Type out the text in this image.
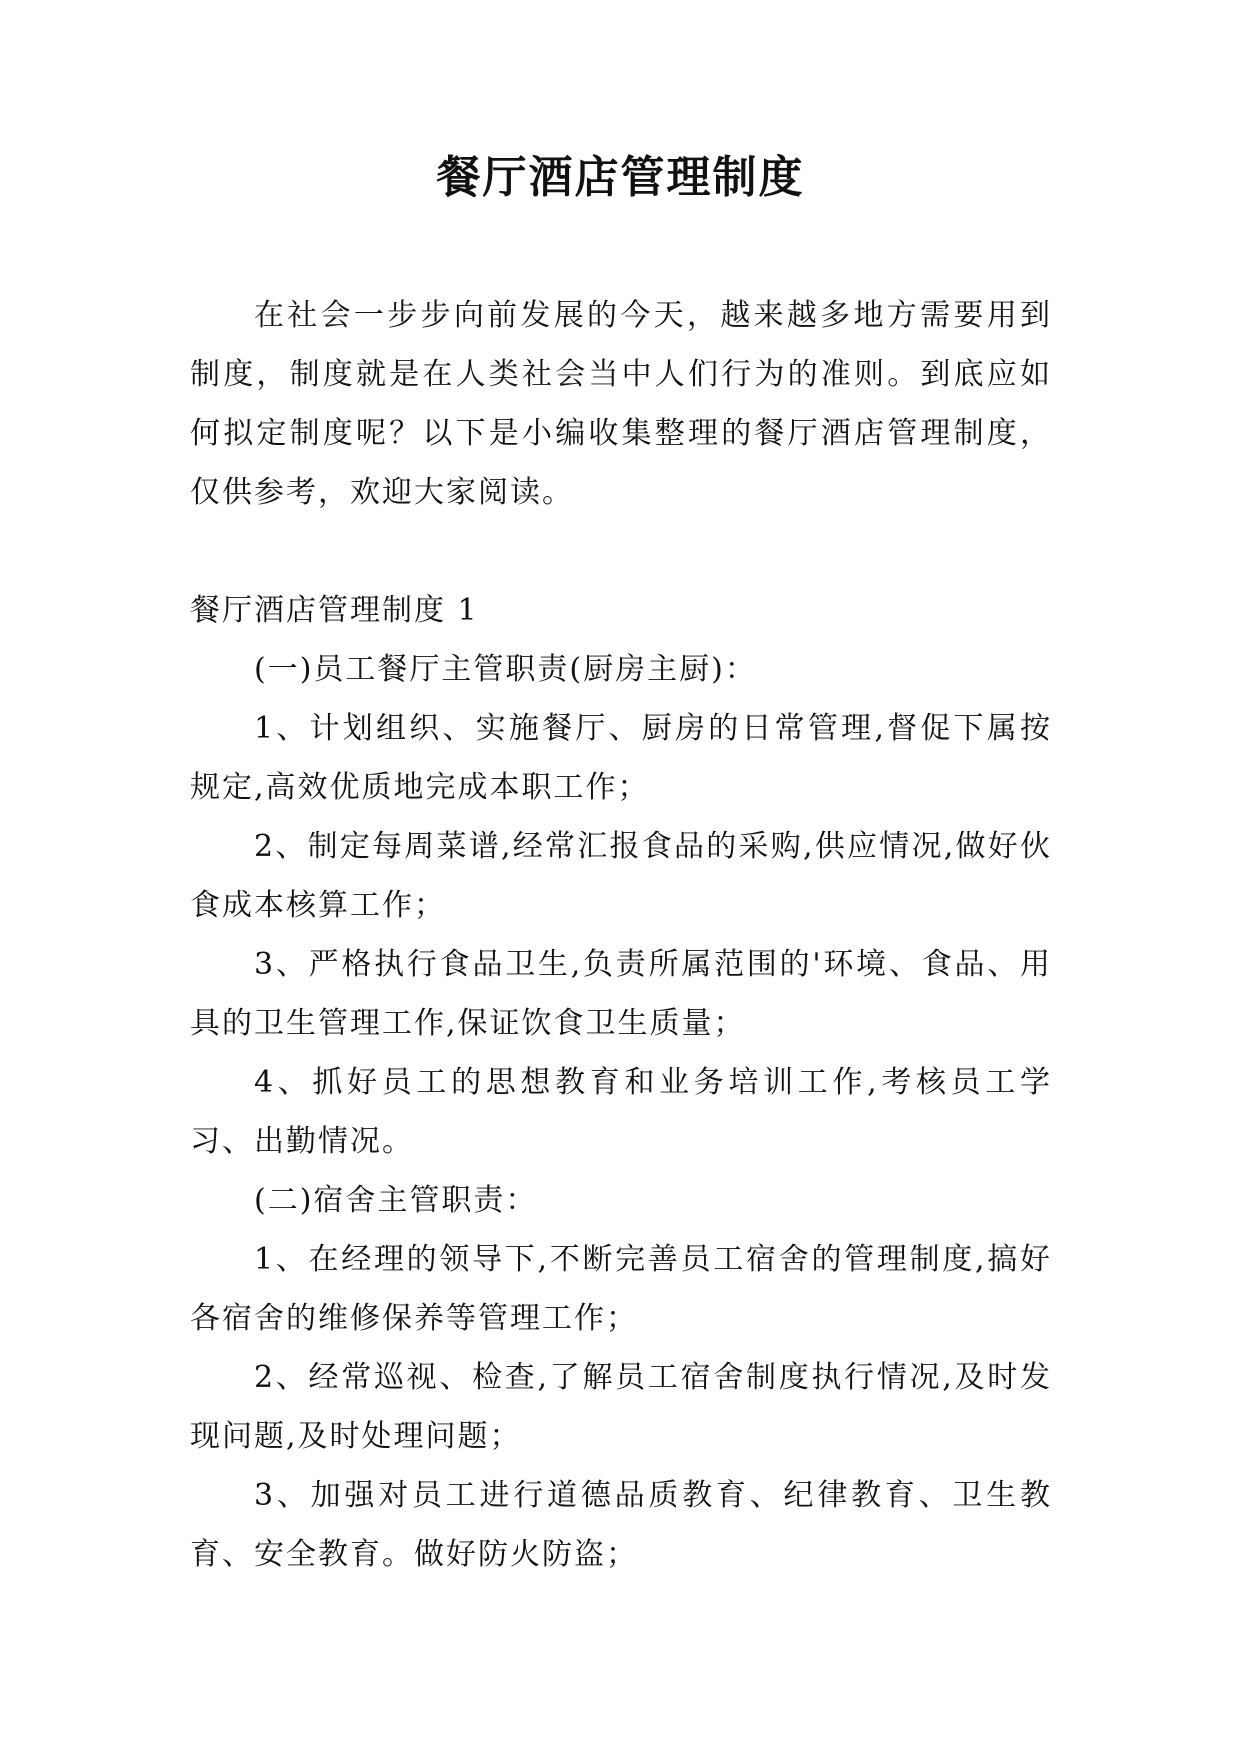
餐厅酒店管理制度

在社会一步步向前发展的今天，越来越多地方需要用到制度，制度就是在人类社会当中人们行为的准则。到底应如何拟定制度呢？以下是小编收集整理的餐厅酒店管理制度，仅供参考，欢迎大家阅读。

餐厅酒店管理制度 1

(一)员工餐厅主管职责(厨房主厨)：

1、计划组织、实施餐厅、厨房的日常管理,督促下属按规定,高效优质地完成本职工作；

2、制定每周菜谱,经常汇报食品的采购,供应情况,做好伙食成本核算工作；

3、严格执行食品卫生,负责所属范围的'环境、食品、用具的卫生管理工作,保证饮食卫生质量；

4、抓好员工的思想教育和业务培训工作,考核员工学习、出勤情况。

(二)宿舍主管职责：

1、在经理的领导下,不断完善员工宿舍的管理制度,搞好各宿舍的维修保养等管理工作；

2、经常巡视、检查,了解员工宿舍制度执行情况,及时发现问题,及时处理问题；

3、加强对员工进行道德品质教育、纪律教育、卫生教育、安全教育。做好防火防盗；
